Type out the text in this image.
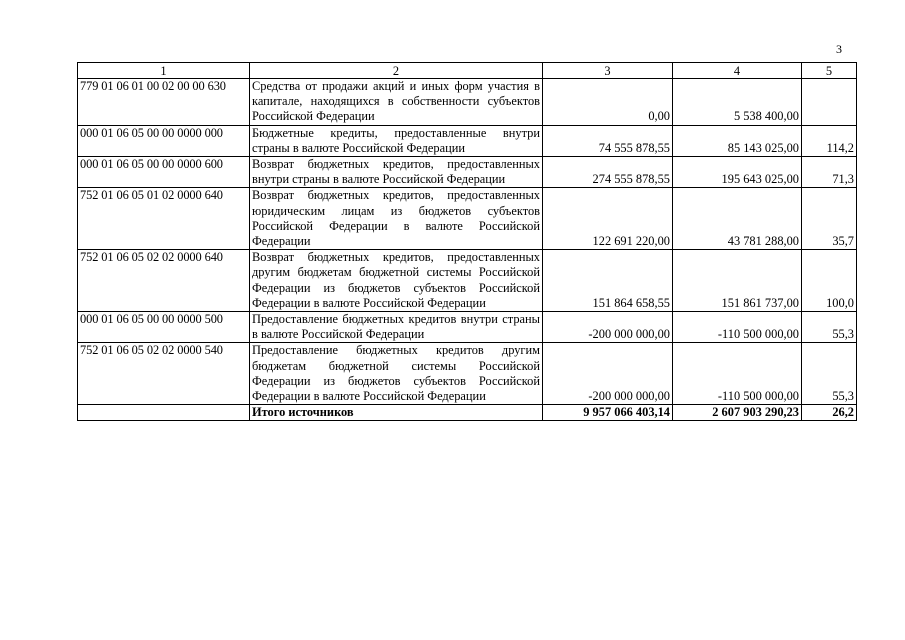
3
1	2	3	4	5
779 01 06 01 00 02 00 00 630	Средства от продажи акций и иных форм участия в капитале, находящихся в собственности субъектов Российской Федерации	0,00	5 538 400,00	
000 01 06 05 00 00 0000 000	Бюджетные кредиты, предоставленные внутри страны в валюте Российской Федерации	74 555 878,55	85 143 025,00	114,2
000 01 06 05 00 00 0000 600	Возврат бюджетных кредитов, предоставленных внутри страны в валюте Российской Федерации	274 555 878,55	195 643 025,00	71,3
752 01 06 05 01 02 0000 640	Возврат бюджетных кредитов, предоставленных юридическим лицам из бюджетов субъектов Российской Федерации в валюте Российской Федерации	122 691 220,00	43 781 288,00	35,7
752 01 06 05 02 02 0000 640	Возврат бюджетных кредитов, предоставленных другим бюджетам бюджетной системы Российской Федерации из бюджетов субъектов Российской Федерации в валюте Российской Федерации	151 864 658,55	151 861 737,00	100,0
000 01 06 05 00 00 0000 500	Предоставление бюджетных кредитов внутри страны в валюте Российской Федерации	-200 000 000,00	-110 500 000,00	55,3
752 01 06 05 02 02 0000 540	Предоставление бюджетных кредитов другим бюджетам бюджетной системы Российской Федерации из бюджетов субъектов Российской Федерации в валюте Российской Федерации	-200 000 000,00	-110 500 000,00	55,3
	Итого источников	9 957 066 403,14	2 607 903 290,23	26,2
